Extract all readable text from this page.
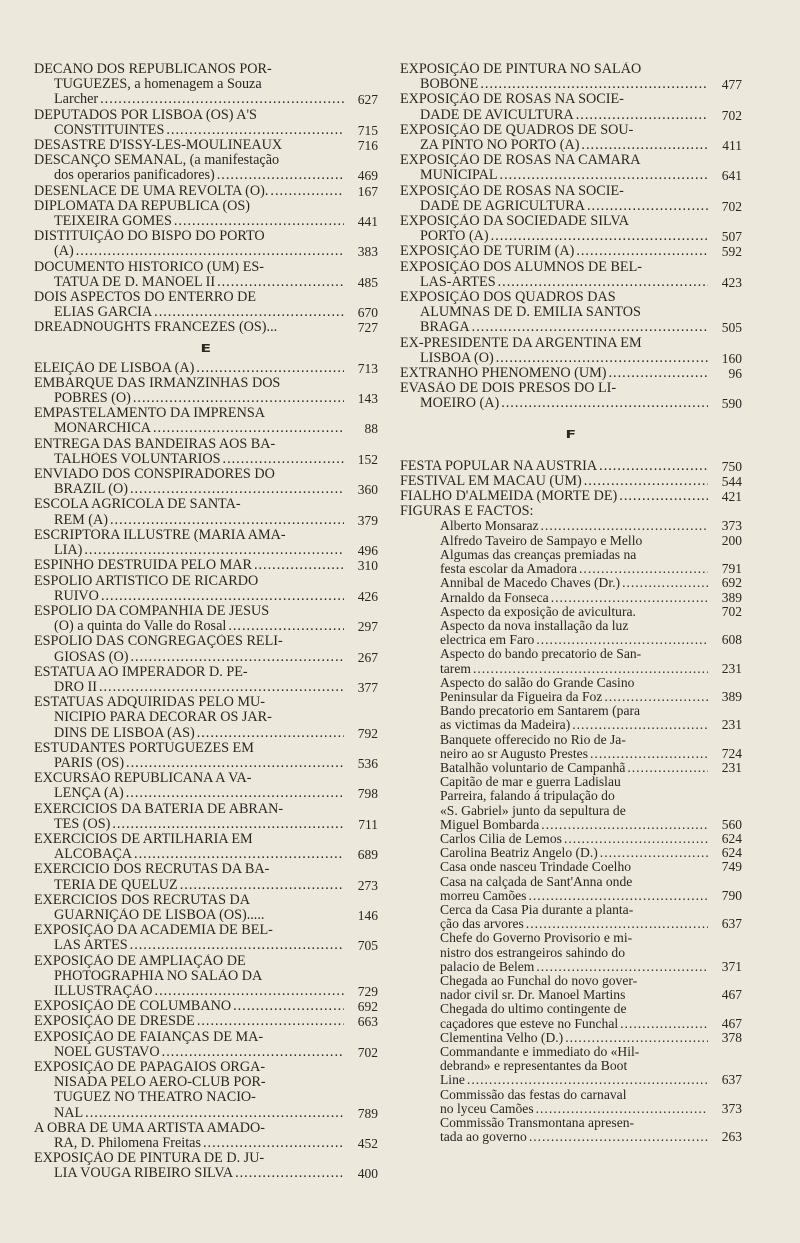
DECANO DOS REPUBLICANOS POR-
TUGUEZES, a homenagem a Souza
Larcher .....	627
DEPUTADOS POR LISBOA (OS) A'S
CONSTITUINTES .....	715
DESASTRE D'ISSY-LES-MOULINEAUX	716
DESCANÇO SEMANAL, (a manifestação
dos operarios panificadores) .....	469
DESENLACE DE UMA REVOLTA (O). .....	167
DIPLOMATA DA REPUBLICA (OS)
TEIXEIRA GOMES .....	441
DISTITUIÇÃO DO BISPO DO PORTO
(A) .....	383
DOCUMENTO HISTORICO (UM) ES-
TATUA DE D. MANOEL II .....	485
DOIS ASPECTOS DO ENTERRO DE
ELIAS GARCIA .....	670
DREADNOUGHTS FRANCEZES (OS)...	727
E
ELEIÇÃO DE LISBOA (A) .....	713
EMBARQUE DAS IRMANZINHAS DOS
POBRES (O) .....	143
EMPASTELAMENTO DA IMPRENSA
MONARCHICA .....	88
ENTREGA DAS BANDEIRAS AOS BA-
TALHÕES VOLUNTARIOS .....	152
ENVIADO DOS CONSPIRADORES DO
BRAZIL (O) .....	360
ESCOLA AGRICOLA DE SANTA-
REM (A) .....	379
ESCRIPTORA ILLUSTRE (MARIA AMA-
LIA) .....	496
ESPINHO DESTRUIDA PELO MAR .....	310
ESPOLIO ARTISTICO DE RICARDO
RUIVO .....	426
ESPOLIO DA COMPANHIA DE JESUS
(O) a quinta do Valle do Rosal .....	297
ESPOLIO DAS CONGREGAÇÕES RELI-
GIOSAS (O) .....	267
ESTATUA AO IMPERADOR D. PE-
DRO II .....	377
ESTATUAS ADQUIRIDAS PELO MU-
NICIPIO PARA DECORAR OS JAR-
DINS DE LISBOA (AS) .....	792
ESTUDANTES PORTUGUEZES EM
PARIS (OS) .....	536
EXCURSÃO REPUBLICANA A VA-
LENÇA (A) .....	798
EXERCICIOS DA BATERIA DE ABRAN-
TES (OS) .....	711
EXERCICIOS DE ARTILHARIA EM
ALCOBAÇA .....	689
EXERCICIO DOS RECRUTAS DA BA-
TERIA DE QUELUZ .....	273
EXERCICIOS DOS RECRUTAS DA
GUARNIÇÃO DE LISBOA (OS).....	146
EXPOSIÇÃO DA ACADEMIA DE BEL-
LAS ARTES .....	705
EXPOSIÇÃO DE AMPLIAÇÃO DE
PHOTOGRAPHIA NO SALÃO DA
ILLUSTRAÇÃO .....	729
EXPOSIÇÃO DE COLUMBANO .....	692
EXPOSIÇÃO DE DRESDE .....	663
EXPOSIÇÃO DE FAIANÇAS DE MA-
NOEL GUSTAVO .....	702
EXPOSIÇÃO DE PAPAGAIOS ORGA-
NISADA PELO AERO-CLUB POR-
TUGUEZ NO THEATRO NACIO-
NAL .....	789
A OBRA DE UMA ARTISTA AMADO-
RA, D. Philomena Freitas .....	452
EXPOSIÇÃO DE PINTURA DE D. JU-
LIA VOUGA RIBEIRO SILVA .....	400
EXPOSIÇÃO DE PINTURA NO SALÃO
BOBONE .....	477
EXPOSIÇÃO DE ROSAS NA SOCIE-
DADE DE AVICULTURA .....	702
EXPOSIÇÃO DE QUADROS DE SOU-
ZA PINTO NO PORTO (A) .....	411
EXPOSIÇÃO DE ROSAS NA CAMARA
MUNICIPAL .....	641
EXPOSIÇÃO DE ROSAS NA SOCIE-
DADE DE AGRICULTURA .....	702
EXPOSIÇÃO DA SOCIEDADE SILVA
PORTO (A) .....	507
EXPOSIÇÃO DE TURIM (A) .....	592
EXPOSIÇÃO DOS ALUMNOS DE BEL-
LAS-ARTES .....	423
EXPOSIÇÃO DOS QUADROS DAS
ALUMNAS DE D. EMILIA SANTOS
BRAGA .....	505
EX-PRESIDENTE DA ARGENTINA EM
LISBOA (O) .....	160
EXTRANHO PHENOMENO (UM) .....	96
EVASÃO DE DOIS PRESOS DO LI-
MOEIRO (A) .....	590
F
FESTA POPULAR NA AUSTRIA .....	750
FESTIVAL EM MACAU (UM) .....	544
FIALHO D'ALMEIDA (MORTE DE) .....	421
FIGURAS E FACTOS:
Alberto Monsaraz .....	373
Alfredo Taveiro de Sampayo e Mello	200
Algumas das creanças premiadas na
festa escolar da Amadora .....	791
Annibal de Macedo Chaves (Dr.) .....	692
Arnaldo da Fonseca .....	389
Aspecto da exposição de avicultura.	702
Aspecto da nova installação da luz
electrica em Faro .....	608
Aspecto do bando precatorio de San-
tarem .....	231
Aspecto do salão do Grande Casino
Peninsular da Figueira da Foz .....	389
Bando precatorio em Santarem (para
as victimas da Madeira) .....	231
Banquete offerecido no Rio de Ja-
neiro ao sr Augusto Prestes .....	724
Batalhão voluntario de Campanhã .....	231
Capitão de mar e guerra Ladislau
Parreira, falando á tripulação do
«S. Gabriel» junto da sepultura de
Miguel Bombarda .....	560
Carlos Cilia de Lemos .....	624
Carolina Beatriz Angelo (D.) .....	624
Casa onde nasceu Trindade Coelho	749
Casa na calçada de Sant'Anna onde
morreu Camões .....	790
Cerca da Casa Pia durante a planta-
ção das arvores .....	637
Chefe do Governo Provisorio e mi-
nistro dos estrangeiros sahindo do
palacio de Belem .....	371
Chegada ao Funchal do novo gover-
nador civil sr. Dr. Manoel Martins	467
Chegada do ultimo contingente de
caçadores que esteve no Funchal .....	467
Clementina Velho (D.) .....	378
Commandante e immediato do «Hil-
debrand» e representantes da Boot
Line .....	637
Commissão das festas do carnaval
no lyceu Camões .....	373
Commissão Transmontana apresen-
tada ao governo .....	263
